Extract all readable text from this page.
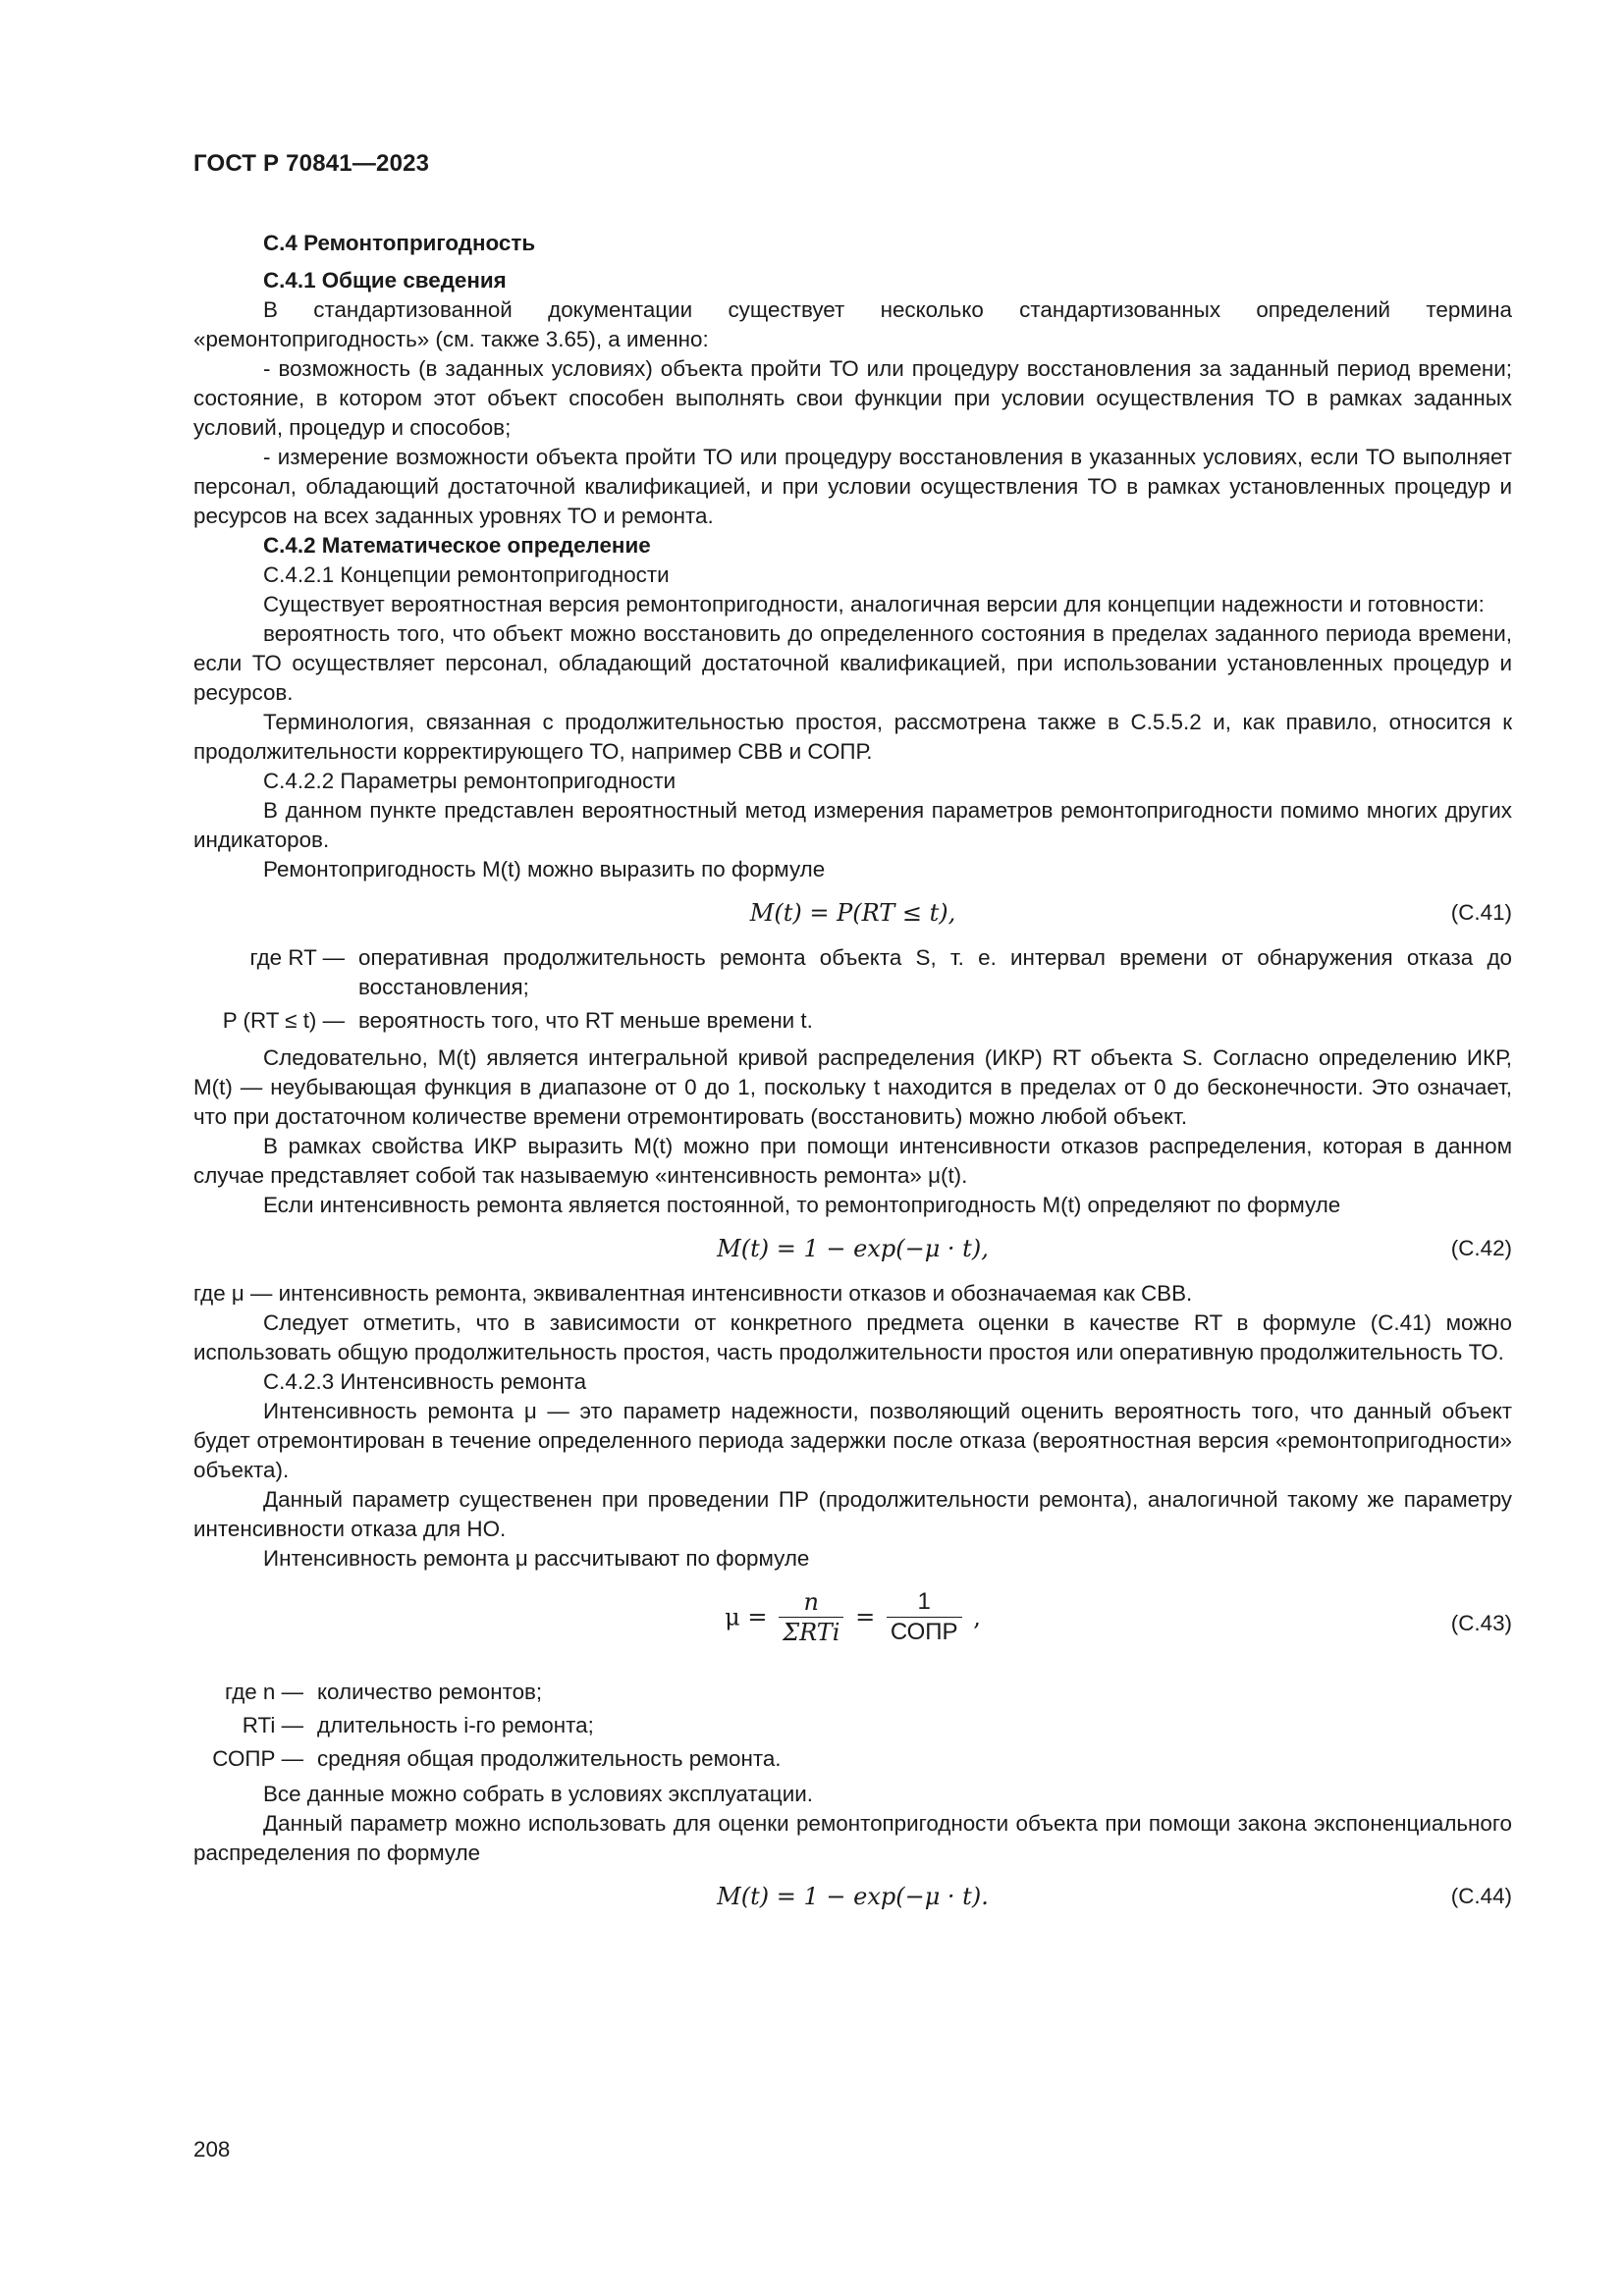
ГОСТ Р 70841—2023

С.4 Ремонтопригодность

С.4.1 Общие сведения

В стандартизованной документации существует несколько стандартизованных определений термина «ремонтопригодность» (см. также 3.65), а именно:

- возможность (в заданных условиях) объекта пройти ТО или процедуру восстановления за заданный период времени; состояние, в котором этот объект способен выполнять свои функции при условии осуществления ТО в рамках заданных условий, процедур и способов;

- измерение возможности объекта пройти ТО или процедуру восстановления в указанных условиях, если ТО выполняет персонал, обладающий достаточной квалификацией, и при условии осуществления ТО в рамках установленных процедур и ресурсов на всех заданных уровнях ТО и ремонта.

С.4.2 Математическое определение

С.4.2.1 Концепции ремонтопригодности

Существует вероятностная версия ремонтопригодности, аналогичная версии для концепции надежности и готовности:

вероятность того, что объект можно восстановить до определенного состояния в пределах заданного периода времени, если ТО осуществляет персонал, обладающий достаточной квалификацией, при использовании установленных процедур и ресурсов.

Терминология, связанная с продолжительностью простоя, рассмотрена также в С.5.5.2 и, как правило, относится к продолжительности корректирующего ТО, например СВВ и СОПР.

С.4.2.2 Параметры ремонтопригодности

В данном пункте представлен вероятностный метод измерения параметров ремонтопригодности помимо многих других индикаторов.

Ремонтопригодность M(t) можно выразить по формуле

M(t) = P(RT ≤ t),	(С.41)
где RT — оперативная продолжительность ремонта объекта S, т. е. интервал времени от обнаружения отказа до восстановления;
P (RT ≤ t) — вероятность того, что RT меньше времени t.

Следовательно, M(t) является интегральной кривой распределения (ИКР) RT объекта S. Согласно определению ИКР, M(t) — неубывающая функция в диапазоне от 0 до 1, поскольку t находится в пределах от 0 до бесконечности. Это означает, что при достаточном количестве времени отремонтировать (восстановить) можно любой объект.

В рамках свойства ИКР выразить M(t) можно при помощи интенсивности отказов распределения, которая в данном случае представляет собой так называемую «интенсивность ремонта» μ(t).

Если интенсивность ремонта является постоянной, то ремонтопригодность M(t) определяют по формуле

M(t) = 1 − exp(−μ · t),	(С.42)

где μ — интенсивность ремонта, эквивалентная интенсивности отказов и обозначаемая как СВВ.

Следует отметить, что в зависимости от конкретного предмета оценки в качестве RT в формуле (С.41) можно использовать общую продолжительность простоя, часть продолжительности простоя или оперативную продолжительность ТО.

С.4.2.3 Интенсивность ремонта

Интенсивность ремонта μ — это параметр надежности, позволяющий оценить вероятность того, что данный объект будет отремонтирован в течение определенного периода задержки после отказа (вероятностная версия «ремонтопригодности» объекта).

Данный параметр существенен при проведении ПР (продолжительности ремонта), аналогичной такому же параметру интенсивности отказа для НО.

Интенсивность ремонта μ рассчитывают по формуле

$\mu = \frac{n}{\text{ΣRTi}} = \frac{1}{\text{СОПР}}$ ,	(С.43)
где n — количество ремонтов;
RTi — длительность i-го ремонта;
СОПР — средняя общая продолжительность ремонта.

Все данные можно собрать в условиях эксплуатации.

Данный параметр можно использовать для оценки ремонтопригодности объекта при помощи закона экспоненциального распределения по формуле

M(t) = 1 − exp(−μ · t).	(С.44)
208
